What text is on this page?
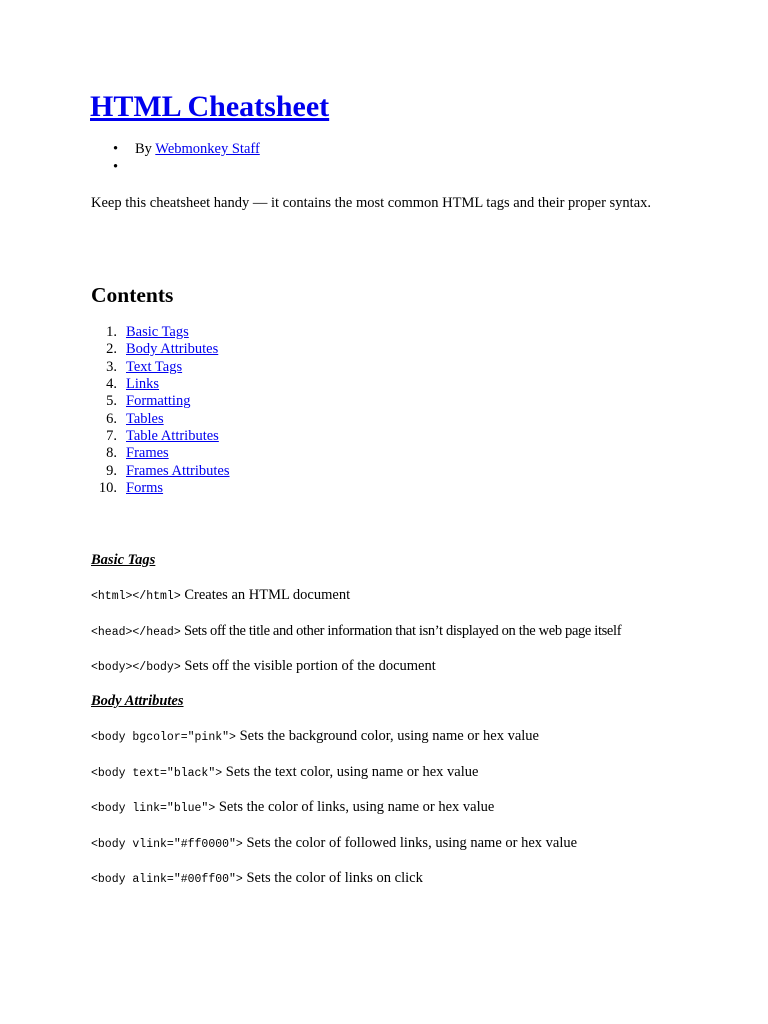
HTML Cheatsheet
• By Webmonkey Staff

Keep this cheatsheet handy — it contains the most common HTML tags and their proper syntax.

Contents
1. Basic Tags
2. Body Attributes
3. Text Tags
4. Links
5. Formatting
6. Tables
7. Table Attributes
8. Frames
9. Frames Attributes
10. Forms

Basic Tags

<html></html> Creates an HTML document

<head></head> Sets off the title and other information that isn’t displayed on the web page itself

<body></body> Sets off the visible portion of the document

Body Attributes

<body bgcolor="pink"> Sets the background color, using name or hex value

<body text="black"> Sets the text color, using name or hex value

<body link="blue"> Sets the color of links, using name or hex value

<body vlink="#ff0000"> Sets the color of followed links, using name or hex value

<body alink="#00ff00"> Sets the color of links on click
